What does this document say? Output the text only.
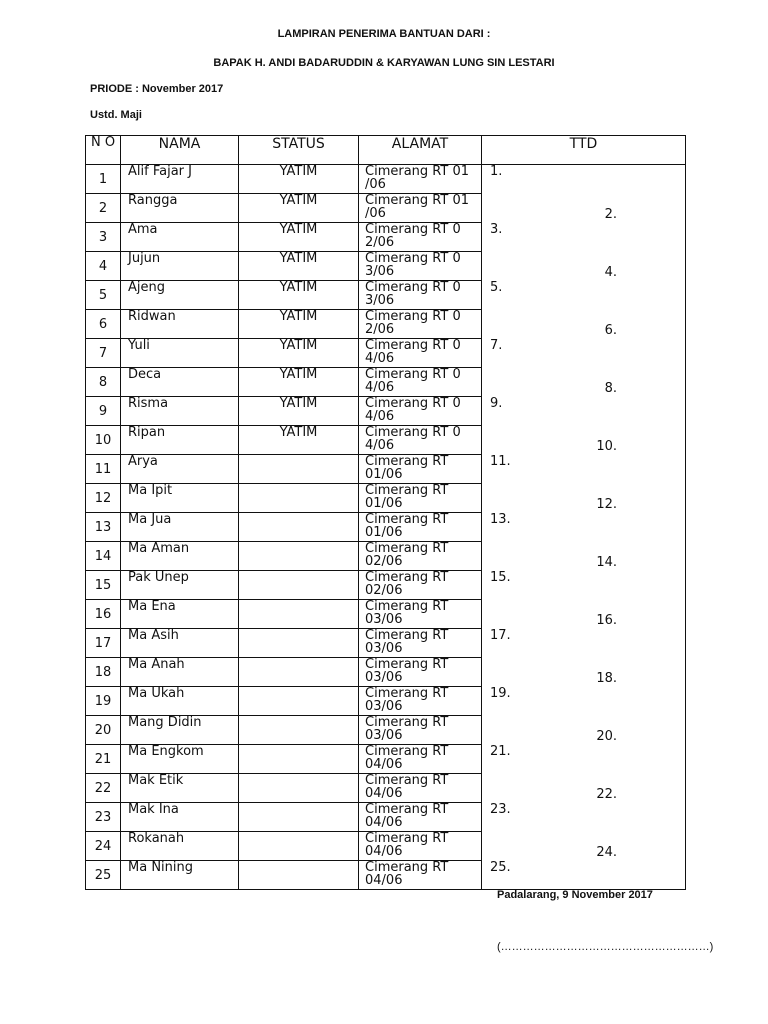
LAMPIRAN PENERIMA BANTUAN DARI :
BAPAK H. ANDI BADARUDDIN & KARYAWAN LUNG SIN LESTARI
PRIODE : November 2017
Ustd. Maji
N O	NAMA	STATUS	ALAMAT	TTD
1	Alif Fajar J	YATIM	Cimerang RT 01 /06	1.

2	Rangga	YATIM	Cimerang RT 01 /06	2.

3	Ama	YATIM	Cimerang RT 0 2/06	3.

4	Jujun	YATIM	Cimerang RT 0 3/06	4.

5	Ajeng	YATIM	Cimerang RT 0 3/06	5.

6	Ridwan	YATIM	Cimerang RT 0 2/06	6.

7	Yuli	YATIM	Cimerang RT 0 4/06	7.

8	Deca	YATIM	Cimerang RT 0 4/06	8.

9	Risma	YATIM	Cimerang RT 0 4/06	9.

10	Ripan	YATIM	Cimerang RT 0 4/06	10.

11	Arya		Cimerang RT 01/06	11.

12	Ma Ipit		Cimerang RT 01/06	12.

13	Ma Jua		Cimerang RT 01/06	13.

14	Ma Aman		Cimerang RT 02/06	14.

15	Pak Unep		Cimerang RT 02/06	15.

16	Ma Ena		Cimerang RT 03/06	16.

17	Ma Asih		Cimerang RT 03/06	17.

18	Ma Anah		Cimerang RT 03/06	18.

19	Ma Ukah		Cimerang RT 03/06	19.

20	Mang Didin		Cimerang RT 03/06	20.

21	Ma Engkom		Cimerang RT 04/06	21.

22	Mak Etik		Cimerang RT 04/06	22.

23	Mak Ina		Cimerang RT 04/06	23.

24	Rokanah		Cimerang RT 04/06	24.

25	Ma Nining		Cimerang RT 04/06	25.
Padalarang, 9 November 2017
(…………………………………………………)
